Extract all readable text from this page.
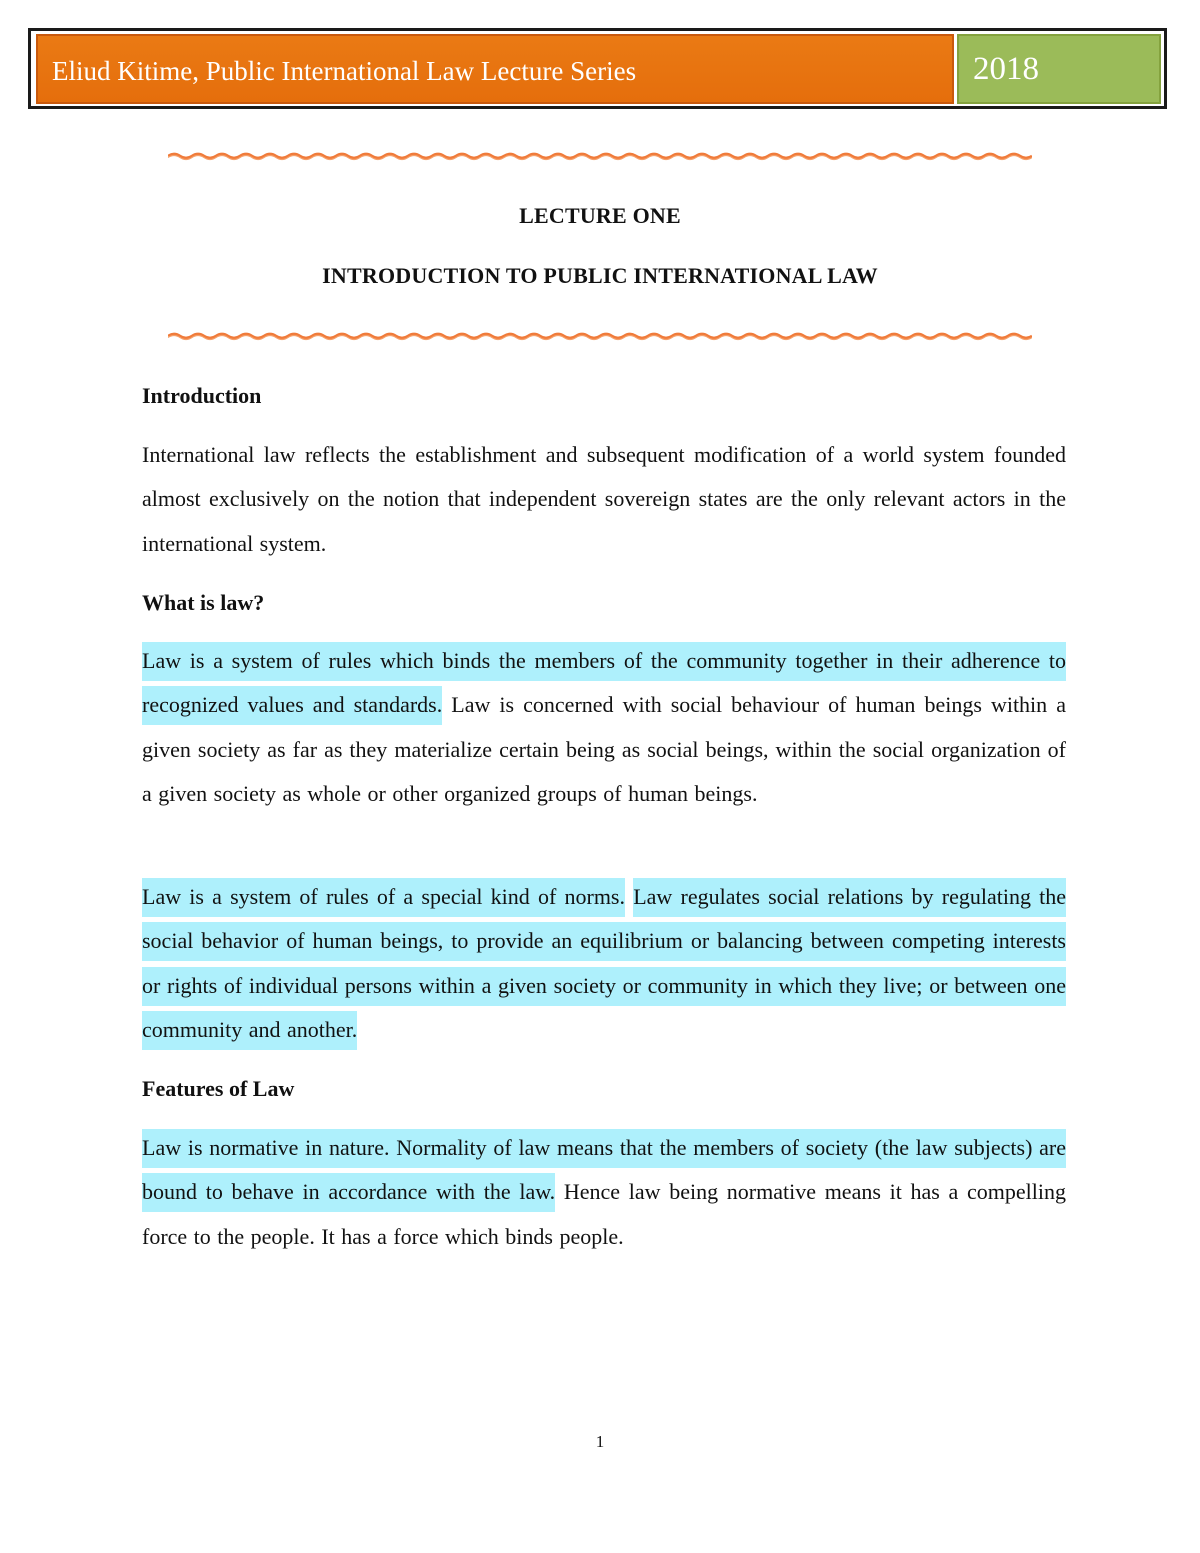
Eliud Kitime, Public International Law Lecture Series	2018
LECTURE ONE
INTRODUCTION TO PUBLIC INTERNATIONAL LAW
Introduction
International law reflects the establishment and subsequent modification of a world system founded almost exclusively on the notion that independent sovereign states are the only relevant actors in the international system.
What is law?
Law is a system of rules which binds the members of the community together in their adherence to recognized values and standards. Law is concerned with social behaviour of human beings within a given society as far as they materialize certain being as social beings, within the social organization of a given society as whole or other organized groups of human beings.
Law is a system of rules of a special kind of norms. Law regulates social relations by regulating the social behavior of human beings, to provide an equilibrium or balancing between competing interests or rights of individual persons within a given society or community in which they live; or between one community and another.
Features of Law
Law is normative in nature. Normality of law means that the members of society (the law subjects) are bound to behave in accordance with the law. Hence law being normative means it has a compelling force to the people. It has a force which binds people.
1
